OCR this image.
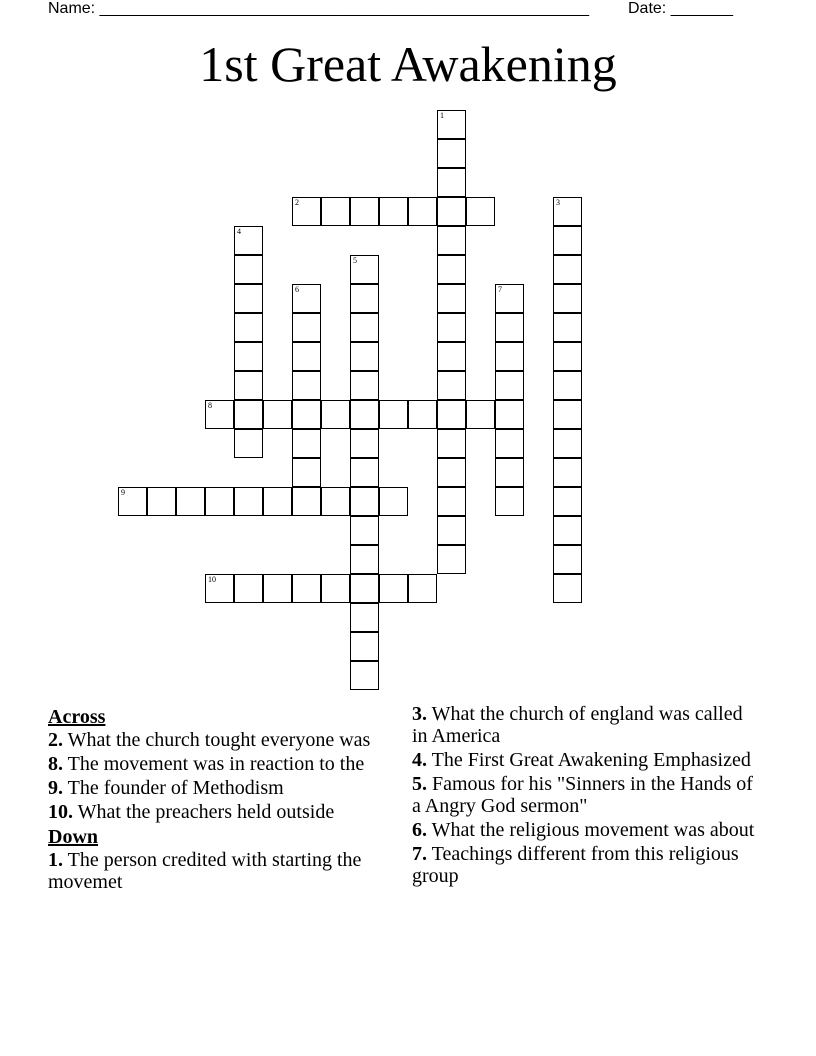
Name: _______________________________________________________ Date: _______
1st Great Awakening
1
2	3
4
5
6	7
8
9
10
Across
2. What the church tought everyone was
8. The movement was in reaction to the
9. The founder of Methodism
10. What the preachers held outside
Down
1. The person credited with starting the movemet
3. What the church of england was called in America
4. The First Great Awakening Emphasized
5. Famous for his "Sinners in the Hands of a Angry God sermon"
6. What the religious movement was about
7. Teachings different from this religious group
